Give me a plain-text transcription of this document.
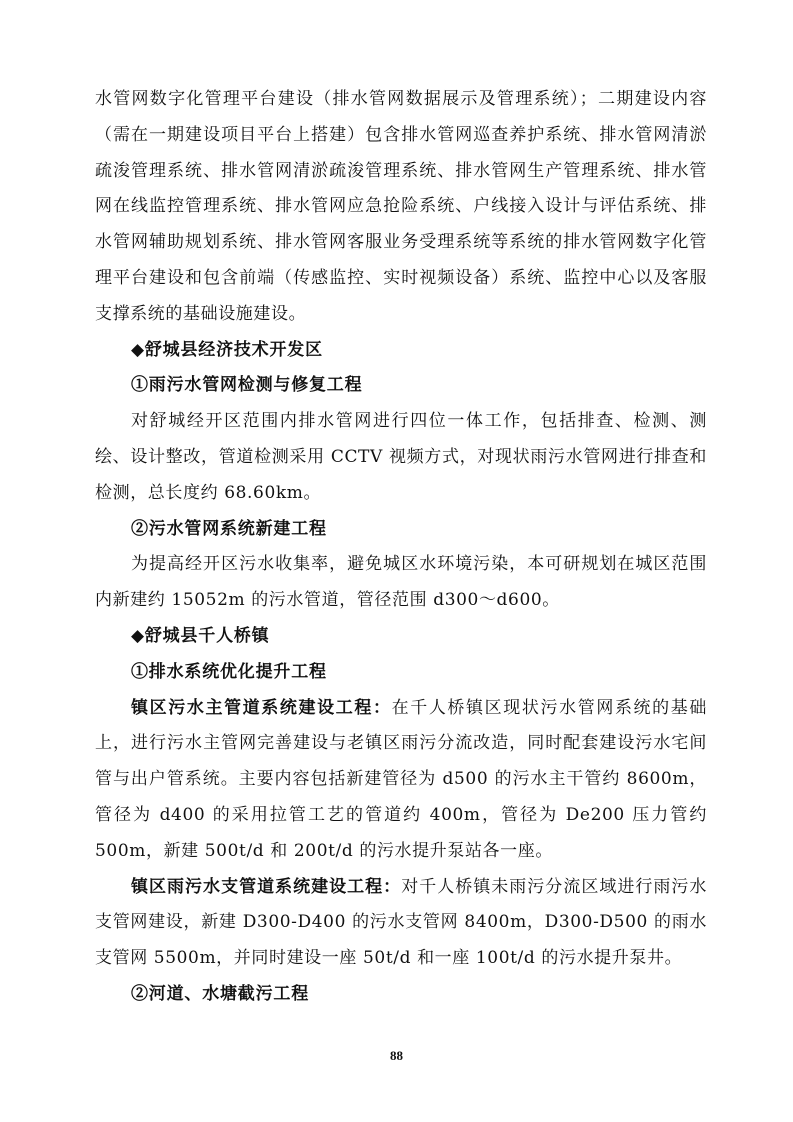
水管网数字化管理平台建设（排水管网数据展示及管理系统）；二期建设内容（需在一期建设项目平台上搭建）包含排水管网巡查养护系统、排水管网清淤疏浚管理系统、排水管网清淤疏浚管理系统、排水管网生产管理系统、排水管网在线监控管理系统、排水管网应急抢险系统、户线接入设计与评估系统、排水管网辅助规划系统、排水管网客服业务受理系统等系统的排水管网数字化管理平台建设和包含前端（传感监控、实时视频设备）系统、监控中心以及客服支撑系统的基础设施建设。

◆舒城县经济技术开发区

①雨污水管网检测与修复工程

对舒城经开区范围内排水管网进行四位一体工作，包括排查、检测、测绘、设计整改，管道检测采用 CCTV 视频方式，对现状雨污水管网进行排查和检测，总长度约 68.60km。

②污水管网系统新建工程

为提高经开区污水收集率，避免城区水环境污染，本可研规划在城区范围内新建约 15052m 的污水管道，管径范围 d300～d600。

◆舒城县千人桥镇

①排水系统优化提升工程

镇区污水主管道系统建设工程：在千人桥镇区现状污水管网系统的基础上，进行污水主管网完善建设与老镇区雨污分流改造，同时配套建设污水宅间管与出户管系统。主要内容包括新建管径为 d500 的污水主干管约 8600m，管径为 d400 的采用拉管工艺的管道约 400m，管径为 De200 压力管约 500m，新建 500t/d 和 200t/d 的污水提升泵站各一座。

镇区雨污水支管道系统建设工程：对千人桥镇未雨污分流区域进行雨污水支管网建设，新建 D300-D400 的污水支管网 8400m，D300-D500 的雨水支管网 5500m，并同时建设一座 50t/d 和一座 100t/d 的污水提升泵井。

②河道、水塘截污工程

88
